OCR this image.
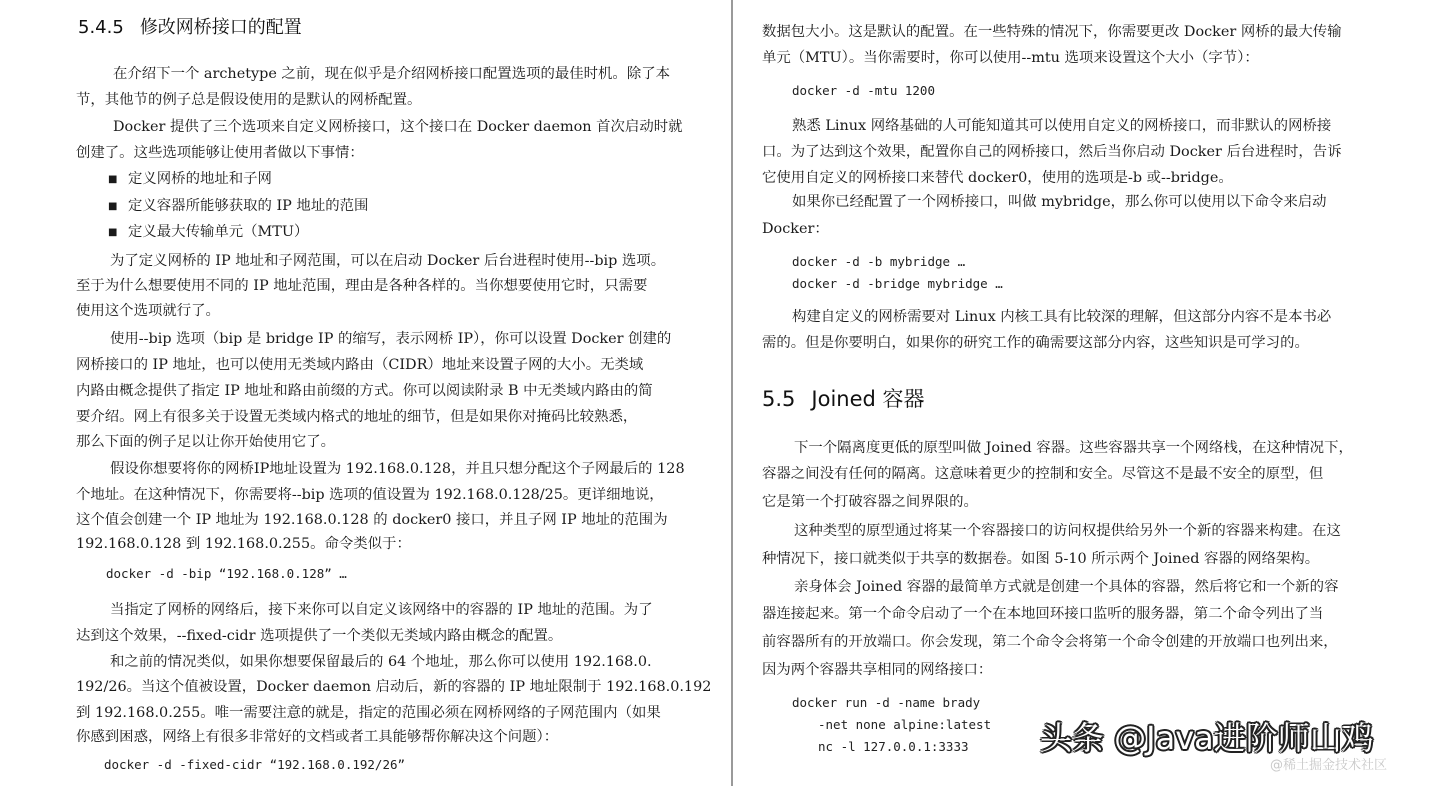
5.4.5 修改网桥接口的配置
在介绍下一个 archetype 之前，现在似乎是介绍网桥接口配置选项的最佳时机。除了本
节，其他节的例子总是假设使用的是默认的网桥配置。
Docker 提供了三个选项来自定义网桥接口，这个接口在 Docker daemon 首次启动时就
创建了。这些选项能够让使用者做以下事情：
■ 定义网桥的地址和子网
■ 定义容器所能够获取的 IP 地址的范围
■ 定义最大传输单元（MTU）
为了定义网桥的 IP 地址和子网范围，可以在启动 Docker 后台进程时使用--bip 选项。
至于为什么想要使用不同的 IP 地址范围，理由是各种各样的。当你想要使用它时，只需要
使用这个选项就行了。
使用--bip 选项（bip 是 bridge IP 的缩写，表示网桥 IP），你可以设置 Docker 创建的
网桥接口的 IP 地址，也可以使用无类域内路由（CIDR）地址来设置子网的大小。无类域
内路由概念提供了指定 IP 地址和路由前缀的方式。你可以阅读附录 B 中无类域内路由的简
要介绍。网上有很多关于设置无类域内格式的地址的细节，但是如果你对掩码比较熟悉，
那么下面的例子足以让你开始使用它了。
假设你想要将你的网桥IP地址设置为 192.168.0.128，并且只想分配这个子网最后的 128
个地址。在这种情况下，你需要将--bip 选项的值设置为 192.168.0.128/25。更详细地说，
这个值会创建一个 IP 地址为 192.168.0.128 的 docker0 接口，并且子网 IP 地址的范围为
192.168.0.128 到 192.168.0.255。命令类似于：
docker -d -bip “192.168.0.128” …
当指定了网桥的网络后，接下来你可以自定义该网络中的容器的 IP 地址的范围。为了
达到这个效果，--fixed-cidr 选项提供了一个类似无类域内路由概念的配置。
和之前的情况类似，如果你想要保留最后的 64 个地址，那么你可以使用 192.168.0.
192/26。当这个值被设置，Docker daemon 启动后，新的容器的 IP 地址限制于 192.168.0.192
到 192.168.0.255。唯一需要注意的就是，指定的范围必须在网桥网络的子网范围内（如果
你感到困惑，网络上有很多非常好的文档或者工具能够帮你解决这个问题）：
docker -d -fixed-cidr “192.168.0.192/26”
数据包大小。这是默认的配置。在一些特殊的情况下，你需要更改 Docker 网桥的最大传输
单元（MTU）。当你需要时，你可以使用--mtu 选项来设置这个大小（字节）：
docker -d -mtu 1200
熟悉 Linux 网络基础的人可能知道其可以使用自定义的网桥接口，而非默认的网桥接
口。为了达到这个效果，配置你自己的网桥接口，然后当你启动 Docker 后台进程时，告诉
它使用自定义的网桥接口来替代 docker0，使用的选项是-b 或--bridge。
如果你已经配置了一个网桥接口，叫做 mybridge，那么你可以使用以下命令来启动
Docker：
docker -d -b mybridge …
docker -d -bridge mybridge …
构建自定义的网桥需要对 Linux 内核工具有比较深的理解，但这部分内容不是本书必
需的。但是你要明白，如果你的研究工作的确需要这部分内容，这些知识是可学习的。
5.5 Joined 容器
下一个隔离度更低的原型叫做 Joined 容器。这些容器共享一个网络栈，在这种情况下，
容器之间没有任何的隔离。这意味着更少的控制和安全。尽管这不是最不安全的原型，但
它是第一个打破容器之间界限的。
这种类型的原型通过将某一个容器接口的访问权提供给另外一个新的容器来构建。在这
种情况下，接口就类似于共享的数据卷。如图 5-10 所示两个 Joined 容器的网络架构。
亲身体会 Joined 容器的最简单方式就是创建一个具体的容器，然后将它和一个新的容
器连接起来。第一个命令启动了一个在本地回环接口监听的服务器，第二个命令列出了当
前容器所有的开放端口。你会发现，第二个命令会将第一个命令创建的开放端口也列出来，
因为两个容器共享相同的网络接口：
docker run -d -name brady
-net none alpine:latest
nc -l 127.0.0.1:3333 头条 @Java进阶师山鸡
@稀土掘金技术社区
